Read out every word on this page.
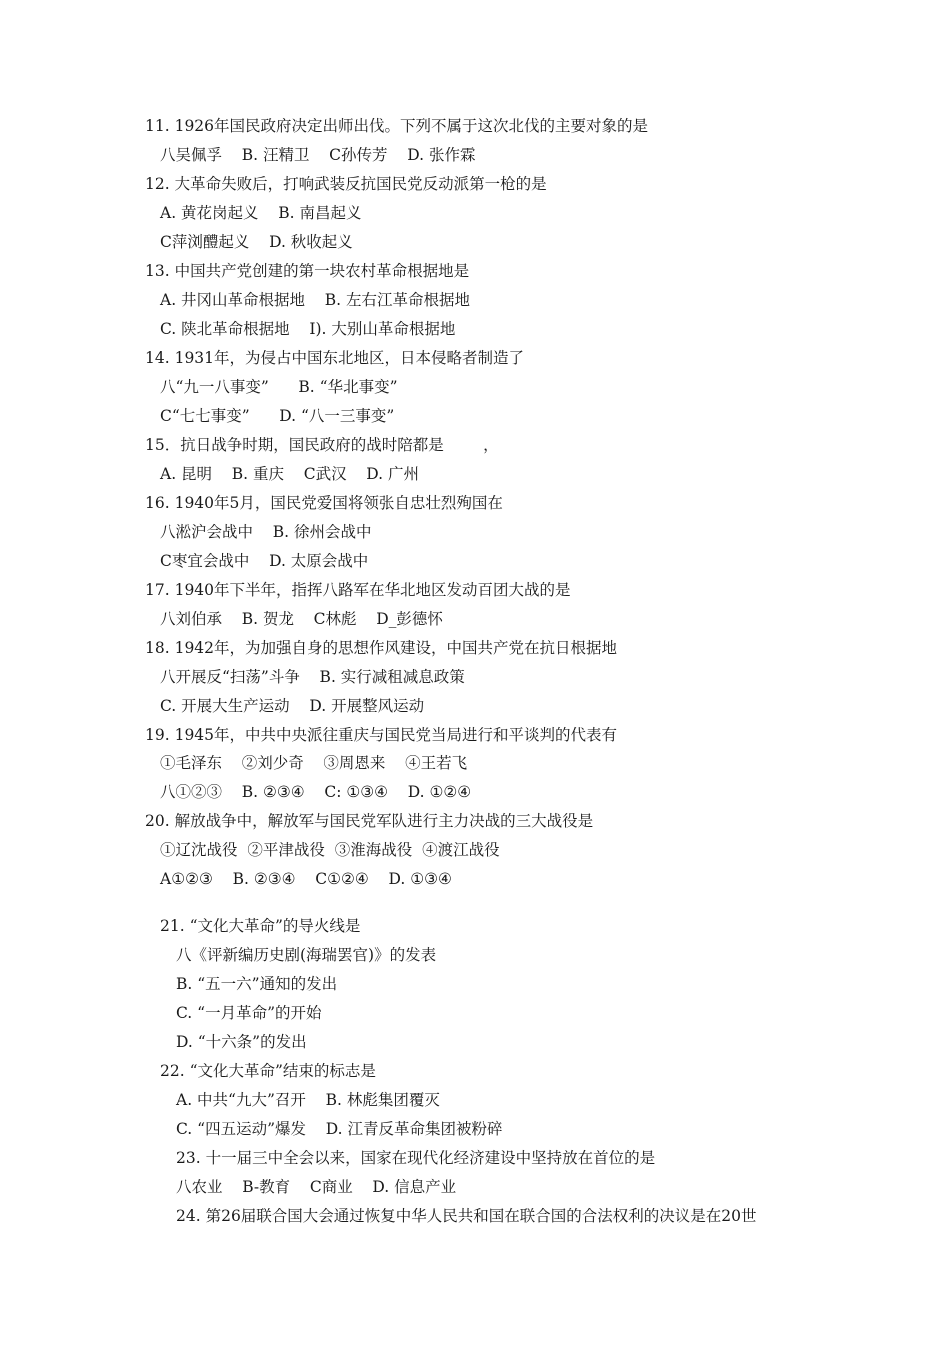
11. 1926年国民政府决定出师出伐。下列不属于这次北伐的主要对象的是

八吴佩孚    B. 汪精卫    C孙传芳    D. 张作霖

12. 大革命失败后，打响武装反抗国民党反动派第一枪的是

A. 黄花岗起义    B. 南昌起义

C萍浏醴起义    D. 秋收起义

13. 中国共产党创建的第一块农村革命根据地是

A. 井冈山革命根据地    B. 左右江革命根据地

C. 陕北革命根据地    I). 大别山革命根据地

14. 1931年，为侵占中国东北地区，日本侵略者制造了

八“九一八事变”      B. “华北事变”

C“七七事变”      D. “八一三事变”

15．抗日战争时期，国民政府的战时陪都是        ，

A. 昆明    B. 重庆    C武汉    D. 广州

16. 1940年5月，国民党爱国将领张自忠壮烈殉国在

八淞沪会战中    B. 徐州会战中

C枣宜会战中    D. 太原会战中

17. 1940年下半年，指挥八路军在华北地区发动百团大战的是

八刘伯承    B. 贺龙    C林彪    D_彭德怀

18. 1942年，为加强自身的思想作风建设，中国共产党在抗日根据地

八开展反“扫荡”斗争    B. 实行减租减息政策

C. 开展大生产运动    D. 开展整风运动

19. 1945年，中共中央派往重庆与国民党当局进行和平谈判的代表有

①毛泽东    ②刘少奇    ③周恩来    ④王若飞

八①②③    B. ②③④    C: ①③④    D. ①②④

20. 解放战争中，解放军与国民党军队进行主力决战的三大战役是

①辽沈战役  ②平津战役  ③淮海战役  ④渡江战役

A①②③    B. ②③④    C①②④    D. ①③④

21. “文化大革命”的导火线是

八《评新编历史剧(海瑞罢官)》的发表

B. “五一六”通知的发出

C. “一月革命”的开始

D. “十六条”的发出

22. “文化大革命”结束的标志是

A. 中共“九大”召开    B. 林彪集团覆灭

C. “四五运动”爆发    D. 江青反革命集团被粉碎

23. 十一届三中全会以来，国家在现代化经济建设中坚持放在首位的是

八农业    B-教育    C商业    D. 信息产业

24. 第26届联合国大会通过恢复中华人民共和国在联合国的合法权利的决议是在20世
